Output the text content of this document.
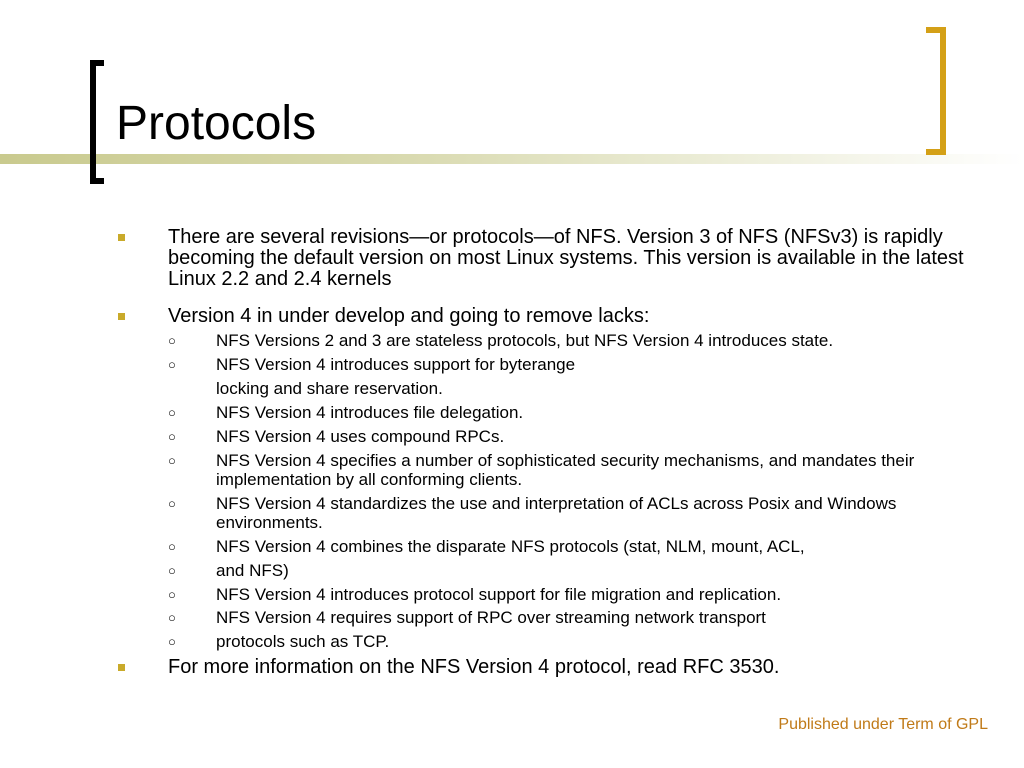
Protocols
There are several revisions—or protocols—of NFS. Version 3 of NFS (NFSv3) is rapidly becoming the default version on most Linux systems. This version is available in the latest Linux 2.2 and 2.4 kernels
Version 4 in under develop and going to remove lacks:
○ NFS Versions 2 and 3 are stateless protocols, but NFS Version 4 introduces state.
○ NFS Version 4 introduces support for byterange
locking and share reservation.
○ NFS Version 4 introduces file delegation.
○ NFS Version 4 uses compound RPCs.
○ NFS Version 4 specifies a number of sophisticated security mechanisms, and mandates their implementation by all conforming clients.
○ NFS Version 4 standardizes the use and interpretation of ACLs across Posix and Windows environments.
○ NFS Version 4 combines the disparate NFS protocols (stat, NLM, mount, ACL,
○ and NFS)
○ NFS Version 4 introduces protocol support for file migration and replication.
○ NFS Version 4 requires support of RPC over streaming network transport
○ protocols such as TCP.
For more information on the NFS Version 4 protocol, read RFC 3530.
Published under Term of GPL
